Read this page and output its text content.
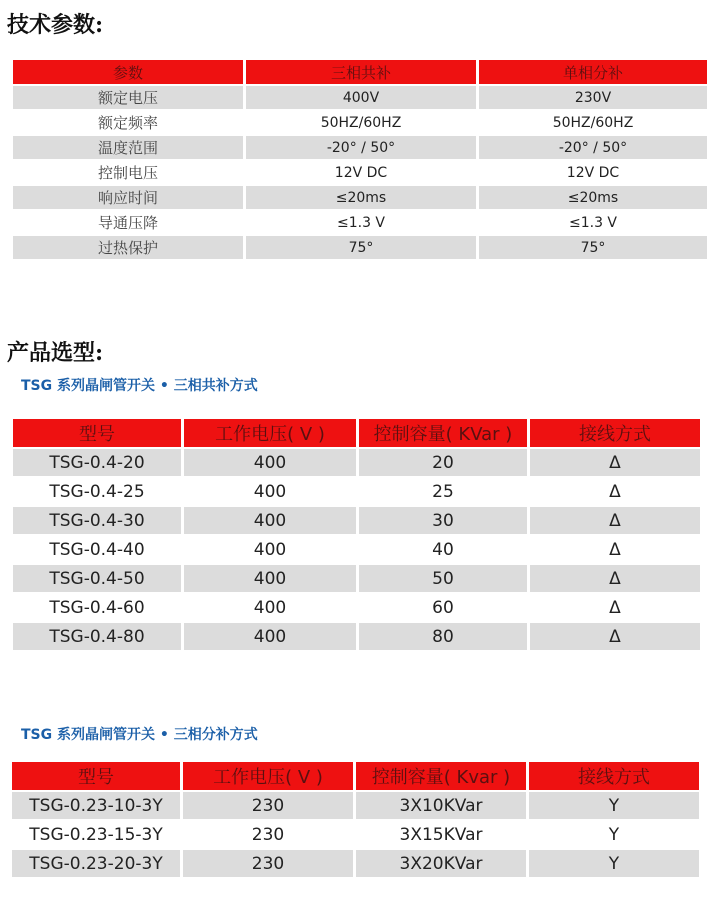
技术参数:
参数	三相共补	单相分补
额定电压	400V	230V
额定频率	50HZ/60HZ	50HZ/60HZ
温度范围	-20° / 50°	-20° / 50°
控制电压	12V DC	12V DC
响应时间	≤20ms	≤20ms
导通压降	≤1.3 V	≤1.3 V
过热保护	75°	75°
产品选型:
TSG 系列晶闸管开关 • 三相共补方式
型号	工作电压( V )	控制容量( KVar )	接线方式
TSG-0.4-20	400	20	Δ
TSG-0.4-25	400	25	Δ
TSG-0.4-30	400	30	Δ
TSG-0.4-40	400	40	Δ
TSG-0.4-50	400	50	Δ
TSG-0.4-60	400	60	Δ
TSG-0.4-80	400	80	Δ
TSG 系列晶闸管开关 • 三相分补方式
型号	工作电压( V )	控制容量( Kvar )	接线方式
TSG-0.23-10-3Y	230	3X10KVar	Y
TSG-0.23-15-3Y	230	3X15KVar	Y
TSG-0.23-20-3Y	230	3X20KVar	Y
